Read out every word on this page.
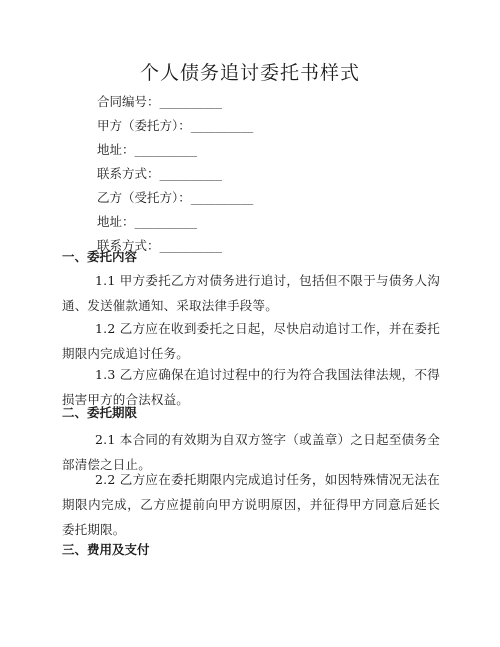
个人债务追讨委托书样式
合同编号：__________
甲方（委托方）：__________
地址：__________
联系方式：__________
乙方（受托方）：__________
地址：__________
联系方式：__________
一、委托内容
1.1 甲方委托乙方对债务进行追讨，包括但不限于与债务人沟通、发送催款通知、采取法律手段等。
1.2 乙方应在收到委托之日起，尽快启动追讨工作，并在委托期限内完成追讨任务。
1.3 乙方应确保在追讨过程中的行为符合我国法律法规，不得损害甲方的合法权益。
二、委托期限
2.1 本合同的有效期为自双方签字（或盖章）之日起至债务全部清偿之日止。
2.2 乙方应在委托期限内完成追讨任务，如因特殊情况无法在期限内完成，乙方应提前向甲方说明原因，并征得甲方同意后延长委托期限。
三、费用及支付
